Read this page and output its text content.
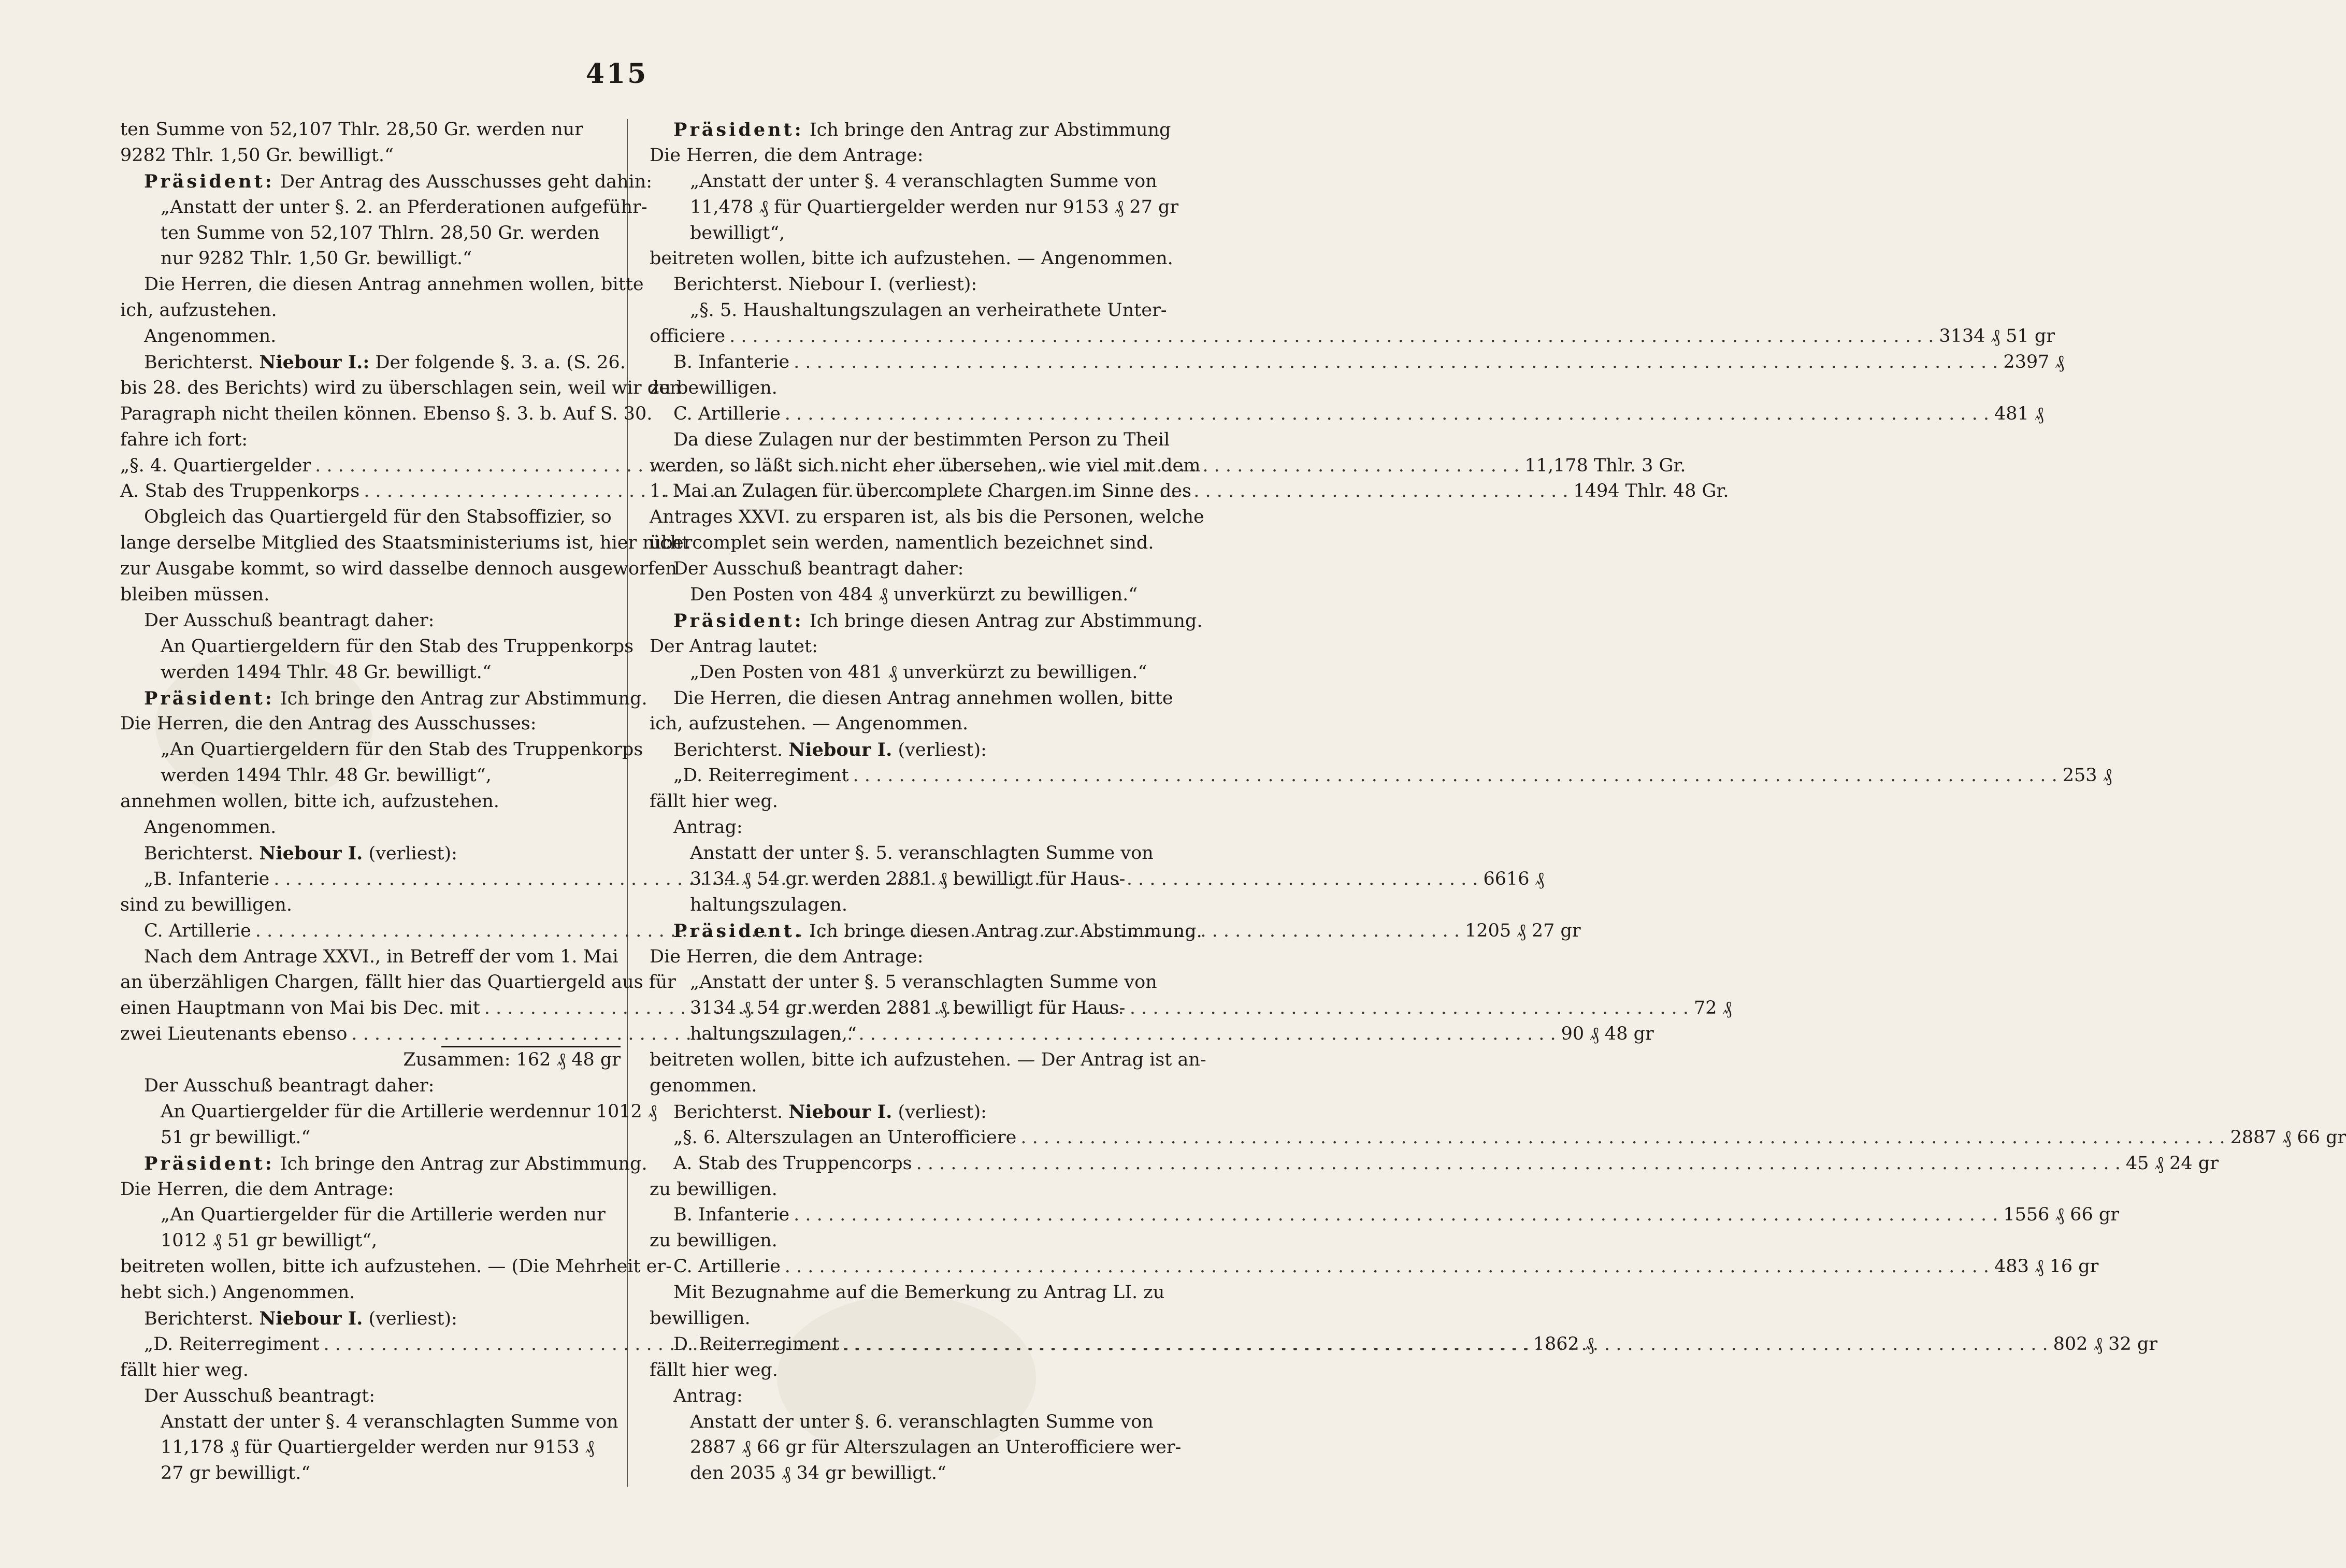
415
ten Summe von 52,107 Thlr. 28,50 Gr. werden nur
9282 Thlr. 1,50 Gr. bewilligt.“
Präsident: Der Antrag des Ausschusses geht dahin:
„Anstatt der unter §. 2. an Pferderationen aufgeführ-
ten Summe von 52,107 Thlrn. 28,50 Gr. werden
nur 9282 Thlr. 1,50 Gr. bewilligt.“
Die Herren, die diesen Antrag annehmen wollen, bitte
ich, aufzustehen.
Angenommen.
Berichterst. Niebour I.: Der folgende §. 3. a. (S. 26.
bis 28. des Berichts) wird zu überschlagen sein, weil wir den
Paragraph nicht theilen können. Ebenso §. 3. b. Auf S. 30.
fahre ich fort:
„§. 4. Quartiergelder . . .	11,178 Thlr. 3 Gr.
A. Stab des Truppenkorps . . .	1494 Thlr. 48 Gr.
Obgleich das Quartiergeld für den Stabsoffizier, so
lange derselbe Mitglied des Staatsministeriums ist, hier nicht
zur Ausgabe kommt, so wird dasselbe dennoch ausgeworfen
bleiben müssen.
Der Ausschuß beantragt daher:
An Quartiergeldern für den Stab des Truppenkorps
werden 1494 Thlr. 48 Gr. bewilligt.“
Präsident: Ich bringe den Antrag zur Abstimmung.
Die Herren, die den Antrag des Ausschusses:
„An Quartiergeldern für den Stab des Truppenkorps
werden 1494 Thlr. 48 Gr. bewilligt“,
annehmen wollen, bitte ich, aufzustehen.
Angenommen.
Berichterst. Niebour I. (verliest):
„B. Infanterie . . .	6616 ₰
sind zu bewilligen.
C. Artillerie . . .	1205 ₰ 27 gr
Nach dem Antrage XXVI., in Betreff der vom 1. Mai
an überzähligen Chargen, fällt hier das Quartiergeld aus für
einen Hauptmann von Mai bis Dec. mit . . .	72 ₰
zwei Lieutenants ebenso . . .	90 ₰ 48 gr
Zusammen: 162 ₰ 48 gr
Der Ausschuß beantragt daher:
An Quartiergelder für die Artillerie werdennur 1012 ₰
51 gr bewilligt.“
Präsident: Ich bringe den Antrag zur Abstimmung.
Die Herren, die dem Antrage:
„An Quartiergelder für die Artillerie werden nur
1012 ₰ 51 gr bewilligt“,
beitreten wollen, bitte ich aufzustehen. — (Die Mehrheit er-
hebt sich.) Angenommen.
Berichterst. Niebour I. (verliest):
„D. Reiterregiment . . .	1862 ₰
fällt hier weg.
Der Ausschuß beantragt:
Anstatt der unter §. 4 veranschlagten Summe von
11,178 ₰ für Quartiergelder werden nur 9153 ₰
27 gr bewilligt.“
Präsident: Ich bringe den Antrag zur Abstimmung
Die Herren, die dem Antrage:
„Anstatt der unter §. 4 veranschlagten Summe von
11,478 ₰ für Quartiergelder werden nur 9153 ₰ 27 gr
bewilligt“,
beitreten wollen, bitte ich aufzustehen. — Angenommen.
Berichterst. Niebour I. (verliest):
„§. 5. Haushaltungszulagen an verheirathete Unter-
officiere . . .	3134 ₰ 51 gr
B. Infanterie . . .	2397 ₰
zu bewilligen.
C. Artillerie . . .	481 ₰
Da diese Zulagen nur der bestimmten Person zu Theil
werden, so läßt sich nicht eher übersehen, wie viel mit dem
1. Mai an Zulagen für übercomplete Chargen im Sinne des
Antrages XXVI. zu ersparen ist, als bis die Personen, welche
übercomplet sein werden, namentlich bezeichnet sind.
Der Ausschuß beantragt daher:
Den Posten von 484 ₰ unverkürzt zu bewilligen.“
Präsident: Ich bringe diesen Antrag zur Abstimmung.
Der Antrag lautet:
„Den Posten von 481 ₰ unverkürzt zu bewilligen.“
Die Herren, die diesen Antrag annehmen wollen, bitte
ich, aufzustehen. — Angenommen.
Berichterst. Niebour I. (verliest):
„D. Reiterregiment . . .	253 ₰
fällt hier weg.
Antrag:
Anstatt der unter §. 5. veranschlagten Summe von
3134 ₰ 54 gr werden 2881 ₰ bewilligt für Haus-
haltungszulagen.
Präsident. Ich bringe diesen Antrag zur Abstimmung.
Die Herren, die dem Antrage:
„Anstatt der unter §. 5 veranschlagten Summe von
3134 ₰ 54 gr werden 2881 ₰ bewilligt für Haus-
haltungszulagen,“
beitreten wollen, bitte ich aufzustehen. — Der Antrag ist an-
genommen.
Berichterst. Niebour I. (verliest):
„§. 6. Alterszulagen an Unterofficiere . . .	2887 ₰ 66 gr
A. Stab des Truppencorps . . .	45 ₰ 24 gr
zu bewilligen.
B. Infanterie . . .	1556 ₰ 66 gr
zu bewilligen.
C. Artillerie . . .	483 ₰ 16 gr
Mit Bezugnahme auf die Bemerkung zu Antrag LI. zu
bewilligen.
D. Reiterregiment . . .	802 ₰ 32 gr
fällt hier weg.
Antrag:
Anstatt der unter §. 6. veranschlagten Summe von
2887 ₰ 66 gr für Alterszulagen an Unterofficiere wer-
den 2035 ₰ 34 gr bewilligt.“
